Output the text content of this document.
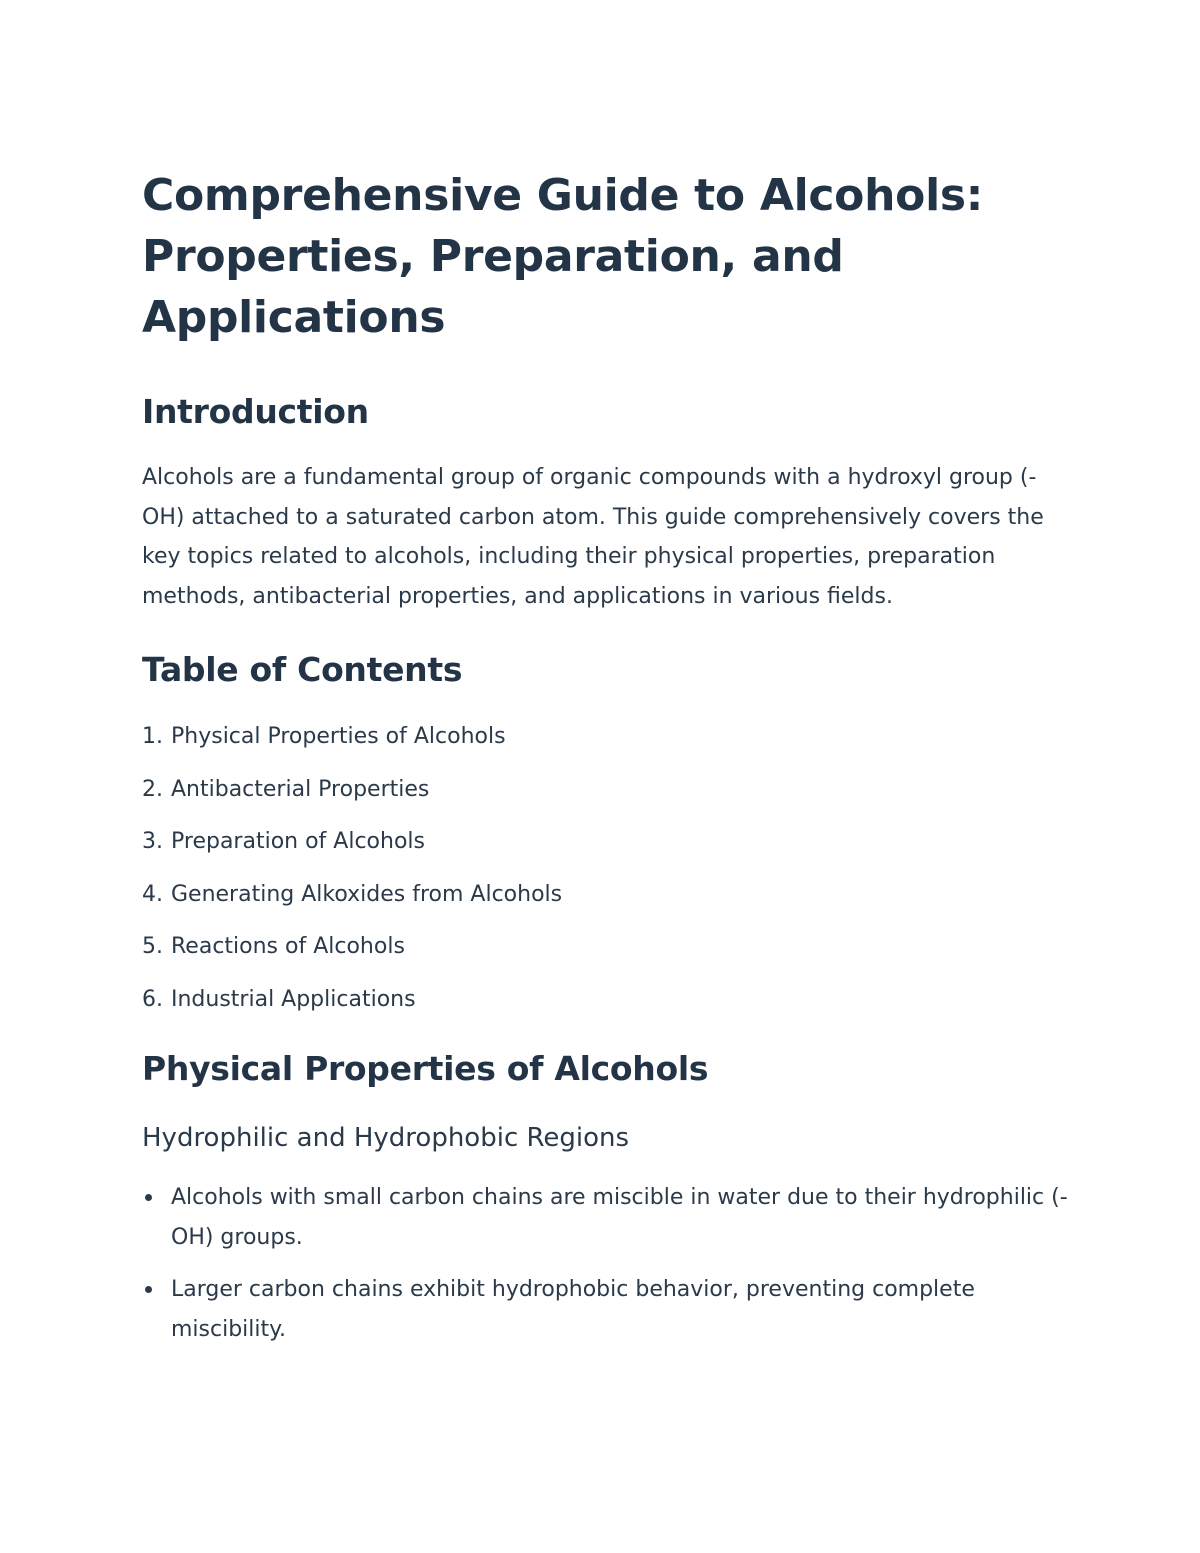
Comprehensive Guide to Alcohols: Properties, Preparation, and Applications
Introduction

Alcohols are a fundamental group of organic compounds with a hydroxyl group (-OH) attached to a saturated carbon atom. This guide comprehensively covers the key topics related to alcohols, including their physical properties, preparation methods, antibacterial properties, and applications in various fields.

Table of Contents
1. Physical Properties of Alcohols
2. Antibacterial Properties
3. Preparation of Alcohols
4. Generating Alkoxides from Alcohols
5. Reactions of Alcohols
6. Industrial Applications
Physical Properties of Alcohols
Hydrophilic and Hydrophobic Regions
Alcohols with small carbon chains are miscible in water due to their hydrophilic (-OH) groups.
Larger carbon chains exhibit hydrophobic behavior, preventing complete miscibility.
